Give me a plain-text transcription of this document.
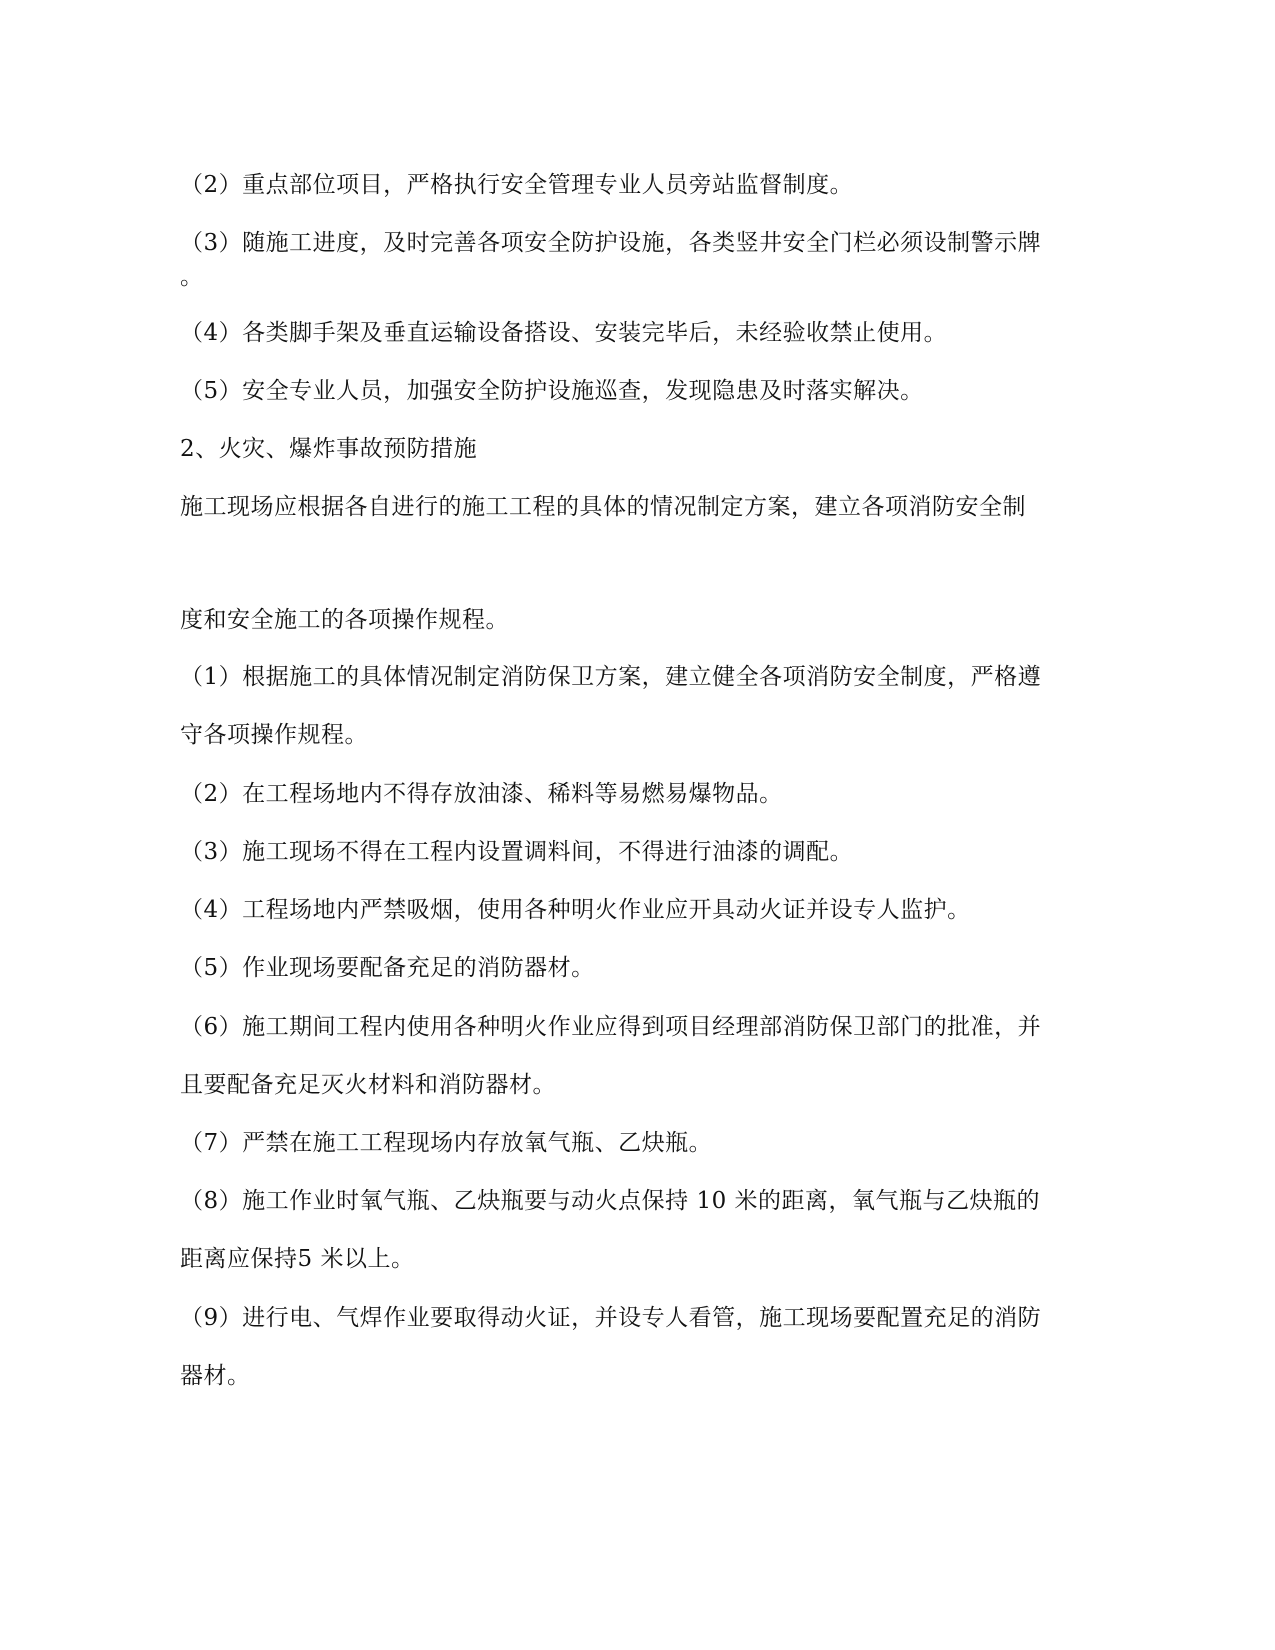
（2）重点部位项目，严格执行安全管理专业人员旁站监督制度。
（3）随施工进度，及时完善各项安全防护设施，各类竖井安全门栏必须设制警示牌
。
（4）各类脚手架及垂直运输设备搭设、安装完毕后，未经验收禁止使用。
（5）安全专业人员，加强安全防护设施巡查，发现隐患及时落实解决。
2、火灾、爆炸事故预防措施
施工现场应根据各自进行的施工工程的具体的情况制定方案，建立各项消防安全制
度和安全施工的各项操作规程。
（1）根据施工的具体情况制定消防保卫方案，建立健全各项消防安全制度，严格遵
守各项操作规程。
（2）在工程场地内不得存放油漆、稀料等易燃易爆物品。
（3）施工现场不得在工程内设置调料间，不得进行油漆的调配。
（4）工程场地内严禁吸烟，使用各种明火作业应开具动火证并设专人监护。
（5）作业现场要配备充足的消防器材。
（6）施工期间工程内使用各种明火作业应得到项目经理部消防保卫部门的批准，并
且要配备充足灭火材料和消防器材。
（7）严禁在施工工程现场内存放氧气瓶、乙炔瓶。
（8）施工作业时氧气瓶、乙炔瓶要与动火点保持 10 米的距离，氧气瓶与乙炔瓶的
距离应保持5 米以上。
（9）进行电、气焊作业要取得动火证，并设专人看管，施工现场要配置充足的消防
器材。
